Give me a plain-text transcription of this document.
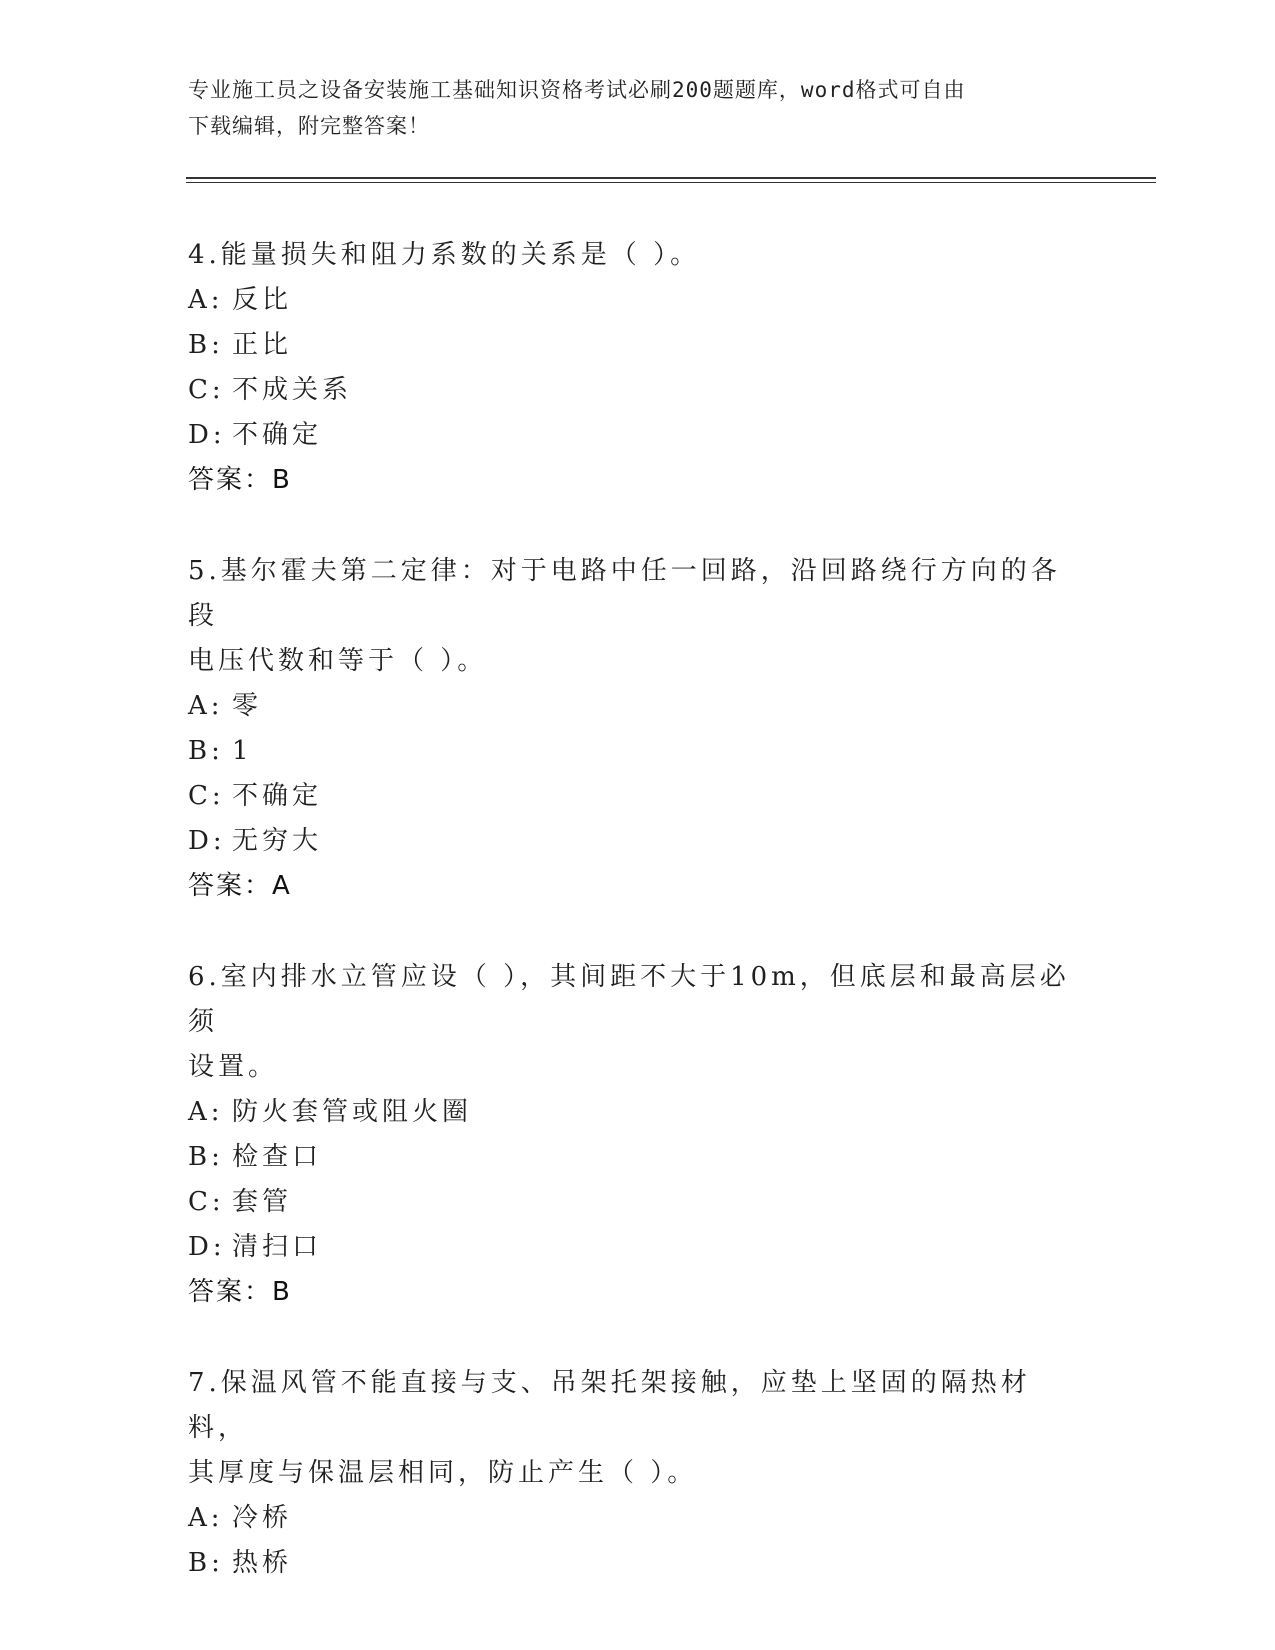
专业施工员之设备安装施工基础知识资格考试必刷200题题库，word格式可自由
下载编辑，附完整答案！
4.能量损失和阻力系数的关系是（ ）。
A: 反比
B: 正比
C: 不成关系
D: 不确定
答案：B
5.基尔霍夫第二定律：对于电路中任一回路，沿回路绕行方向的各段
电压代数和等于（ ）。
A: 零
B: 1
C: 不确定
D: 无穷大
答案：A
6.室内排水立管应设（ ），其间距不大于10m，但底层和最高层必须
设置。
A: 防火套管或阻火圈
B: 检查口
C: 套管
D: 清扫口
答案：B
7.保温风管不能直接与支、吊架托架接触，应垫上坚固的隔热材料，
其厚度与保温层相同，防止产生（ ）。
A: 冷桥
B: 热桥
